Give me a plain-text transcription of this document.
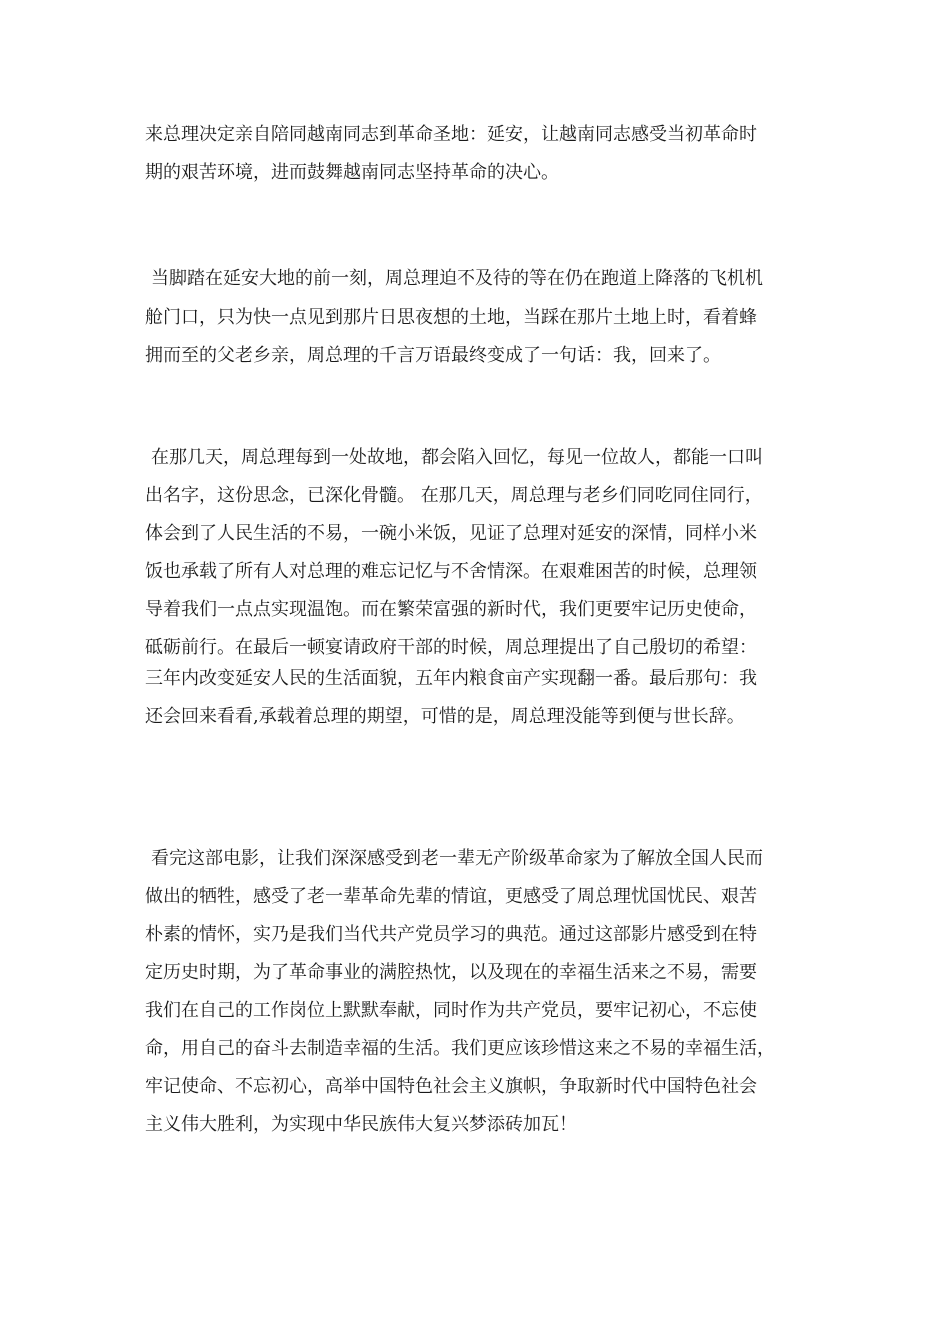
来总理决定亲自陪同越南同志到革命圣地：延安，让越南同志感受当初革命时

期的艰苦环境，进而鼓舞越南同志坚持革命的决心。

当脚踏在延安大地的前一刻，周总理迫不及待的等在仍在跑道上降落的飞机机

舱门口，只为快一点见到那片日思夜想的土地，当踩在那片土地上时，看着蜂

拥而至的父老乡亲，周总理的千言万语最终变成了一句话：我，回来了。

在那几天，周总理每到一处故地，都会陷入回忆，每见一位故人，都能一口叫

出名字，这份思念，已深化骨髓。 在那几天，周总理与老乡们同吃同住同行，

体会到了人民生活的不易，一碗小米饭，见证了总理对延安的深情，同样小米

饭也承载了所有人对总理的难忘记忆与不舍情深。在艰难困苦的时候，总理领

导着我们一点点实现温饱。而在繁荣富强的新时代，我们更要牢记历史使命，

砥砺前行。在最后一顿宴请政府干部的时候，周总理提出了自己殷切的希望：

三年内改变延安人民的生活面貌，五年内粮食亩产实现翻一番。最后那句：我

还会回来看看,承载着总理的期望，可惜的是，周总理没能等到便与世长辞。

看完这部电影，让我们深深感受到老一辈无产阶级革命家为了解放全国人民而

做出的牺牲，感受了老一辈革命先辈的情谊，更感受了周总理忧国忧民、艰苦

朴素的情怀，实乃是我们当代共产党员学习的典范。通过这部影片感受到在特

定历史时期，为了革命事业的满腔热忱，以及现在的幸福生活来之不易，需要

我们在自己的工作岗位上默默奉献，同时作为共产党员，要牢记初心，不忘使

命，用自己的奋斗去制造幸福的生活。我们更应该珍惜这来之不易的幸福生活，

牢记使命、不忘初心，高举中国特色社会主义旗帜，争取新时代中国特色社会

主义伟大胜利，为实现中华民族伟大复兴梦添砖加瓦！
